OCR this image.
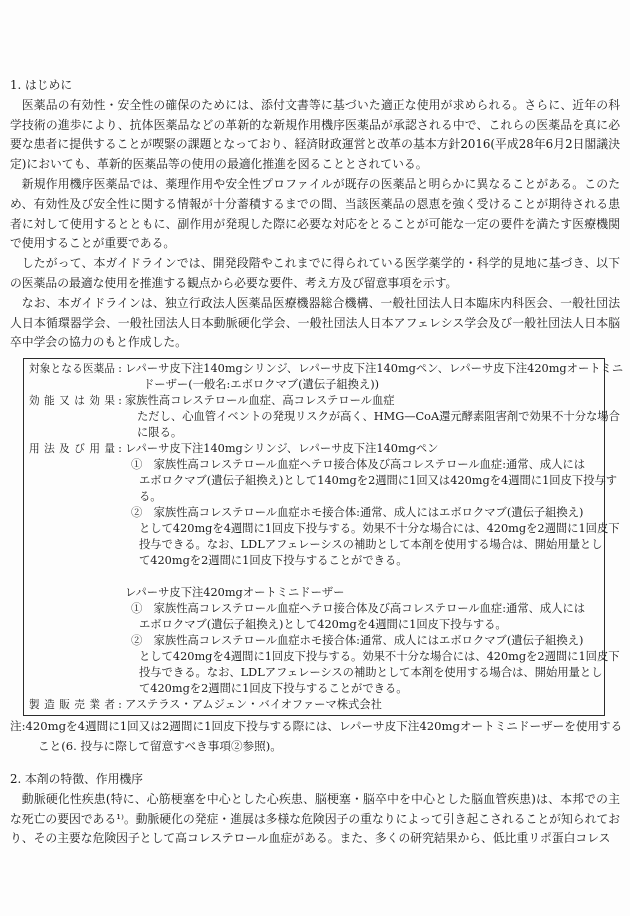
1. はじめに

医薬品の有効性・安全性の確保のためには、添付文書等に基づいた適正な使用が求められる。さらに、近年の科学技術の進歩により、抗体医薬品などの革新的な新規作用機序医薬品が承認される中で、これらの医薬品を真に必要な患者に提供することが喫緊の課題となっており、経済財政運営と改革の基本方針2016(平成28年6月2日閣議決定)においても、革新的医薬品等の使用の最適化推進を図ることとされている。

新規作用機序医薬品では、薬理作用や安全性プロファイルが既存の医薬品と明らかに異なることがある。このため、有効性及び安全性に関する情報が十分蓄積するまでの間、当該医薬品の恩恵を強く受けることが期待される患者に対して使用するとともに、副作用が発現した際に必要な対応をとることが可能な一定の要件を満たす医療機関で使用することが重要である。

したがって、本ガイドラインでは、開発段階やこれまでに得られている医学薬学的・科学的見地に基づき、以下の医薬品の最適な使用を推進する観点から必要な要件、考え方及び留意事項を示す。

なお、本ガイドラインは、独立行政法人医薬品医療機器総合機構、一般社団法人日本臨床内科医会、一般社団法人日本循環器学会、一般社団法人日本動脈硬化学会、一般社団法人日本アフェレシス学会及び一般社団法人日本脳卒中学会の協力のもと作成した。

対象となる医薬品 : レパーサ皮下注140mgシリンジ、レパーサ皮下注140mgペン、レパーサ皮下注420mgオートミニ
ドーザー(一般名:エボロクマブ(遺伝子組換え))
効能又は効果 : 家族性高コレステロール血症、高コレステロール血症
ただし、心血管イベントの発現リスクが高く、HMG—CoA還元酵素阻害剤で効果不十分な場合
に限る。
用法及び用量 : レパーサ皮下注140mgシリンジ、レパーサ皮下注140mgペン
①　家族性高コレステロール血症ヘテロ接合体及び高コレステロール血症:通常、成人には
エボロクマブ(遺伝子組換え)として140mgを2週間に1回又は420mgを4週間に1回皮下投与す
る。
②　家族性高コレステロール血症ホモ接合体:通常、成人にはエボロクマブ(遺伝子組換え)
として420mgを4週間に1回皮下投与する。効果不十分な場合には、420mgを2週間に1回皮下
投与できる。なお、LDLアフェレーシスの補助として本剤を使用する場合は、開始用量とし
て420mgを2週間に1回皮下投与することができる。
レパーサ皮下注420mgオートミニドーザー
①　家族性高コレステロール血症ヘテロ接合体及び高コレステロール血症:通常、成人には
エボロクマブ(遺伝子組換え)として420mgを4週間に1回皮下投与する。
②　家族性高コレステロール血症ホモ接合体:通常、成人にはエボロクマブ(遺伝子組換え)
として420mgを4週間に1回皮下投与する。効果不十分な場合には、420mgを2週間に1回皮下
投与できる。なお、LDLアフェレーシスの補助として本剤を使用する場合は、開始用量とし
て420mgを2週間に1回皮下投与することができる。
製造販売業者 : アステラス・アムジェン・バイオファーマ株式会社
注:420mgを4週間に1回又は2週間に1回皮下投与する際には、レパーサ皮下注420mgオートミニドーザーを使用する
こと(6. 投与に際して留意すべき事項②参照)。
2. 本剤の特徴、作用機序

動脈硬化性疾患(特に、心筋梗塞を中心とした心疾患、脳梗塞・脳卒中を中心とした脳血管疾患)は、本邦での主な死亡の要因である¹⁾。動脈硬化の発症・進展は多様な危険因子の重なりによって引き起こされることが知られており、その主要な危険因子として高コレステロール血症がある。また、多くの研究結果から、低比重リポ蛋白コレス
